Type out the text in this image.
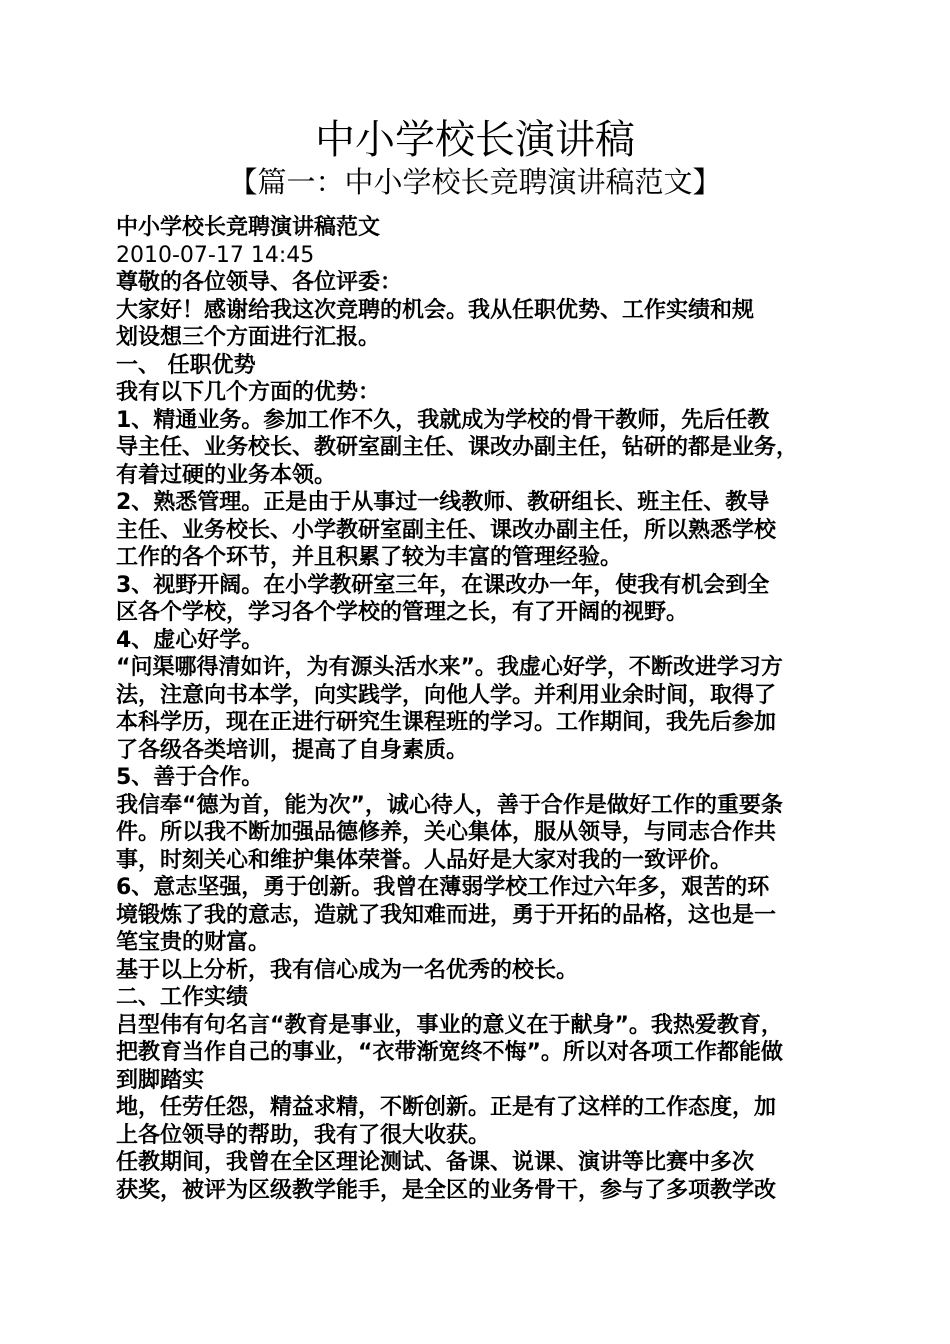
中小学校长演讲稿
【篇一：中小学校长竞聘演讲稿范文】
中小学校长竞聘演讲稿范文
2010-07-17 14:45
尊敬的各位领导、各位评委：
大家好！感谢给我这次竞聘的机会。我从任职优势、工作实绩和规
划设想三个方面进行汇报。
一、 任职优势
我有以下几个方面的优势：
1、精通业务。参加工作不久，我就成为学校的骨干教师，先后任教
导主任、业务校长、教研室副主任、课改办副主任，钻研的都是业务，
有着过硬的业务本领。
2、熟悉管理。正是由于从事过一线教师、教研组长、班主任、教导
主任、业务校长、小学教研室副主任、课改办副主任，所以熟悉学校
工作的各个环节，并且积累了较为丰富的管理经验。
3、视野开阔。在小学教研室三年，在课改办一年，使我有机会到全
区各个学校，学习各个学校的管理之长，有了开阔的视野。
4、虚心好学。
“问渠哪得清如许，为有源头活水来”。我虚心好学，不断改进学习方
法，注意向书本学，向实践学，向他人学。并利用业余时间，取得了
本科学历，现在正进行研究生课程班的学习。工作期间，我先后参加
了各级各类培训，提高了自身素质。
5、善于合作。
我信奉“德为首，能为次”，诚心待人，善于合作是做好工作的重要条
件。所以我不断加强品德修养，关心集体，服从领导，与同志合作共
事，时刻关心和维护集体荣誉。人品好是大家对我的一致评价。
6、意志坚强，勇于创新。我曾在薄弱学校工作过六年多，艰苦的环
境锻炼了我的意志，造就了我知难而进，勇于开拓的品格，这也是一
笔宝贵的财富。
基于以上分析，我有信心成为一名优秀的校长。
二、工作实绩
吕型伟有句名言“教育是事业，事业的意义在于献身”。我热爱教育，
把教育当作自己的事业，“衣带渐宽终不悔”。所以对各项工作都能做
到脚踏实
地，任劳任怨，精益求精，不断创新。正是有了这样的工作态度，加
上各位领导的帮助，我有了很大收获。
任教期间，我曾在全区理论测试、备课、说课、演讲等比赛中多次
获奖，被评为区级教学能手，是全区的业务骨干，参与了多项教学改
